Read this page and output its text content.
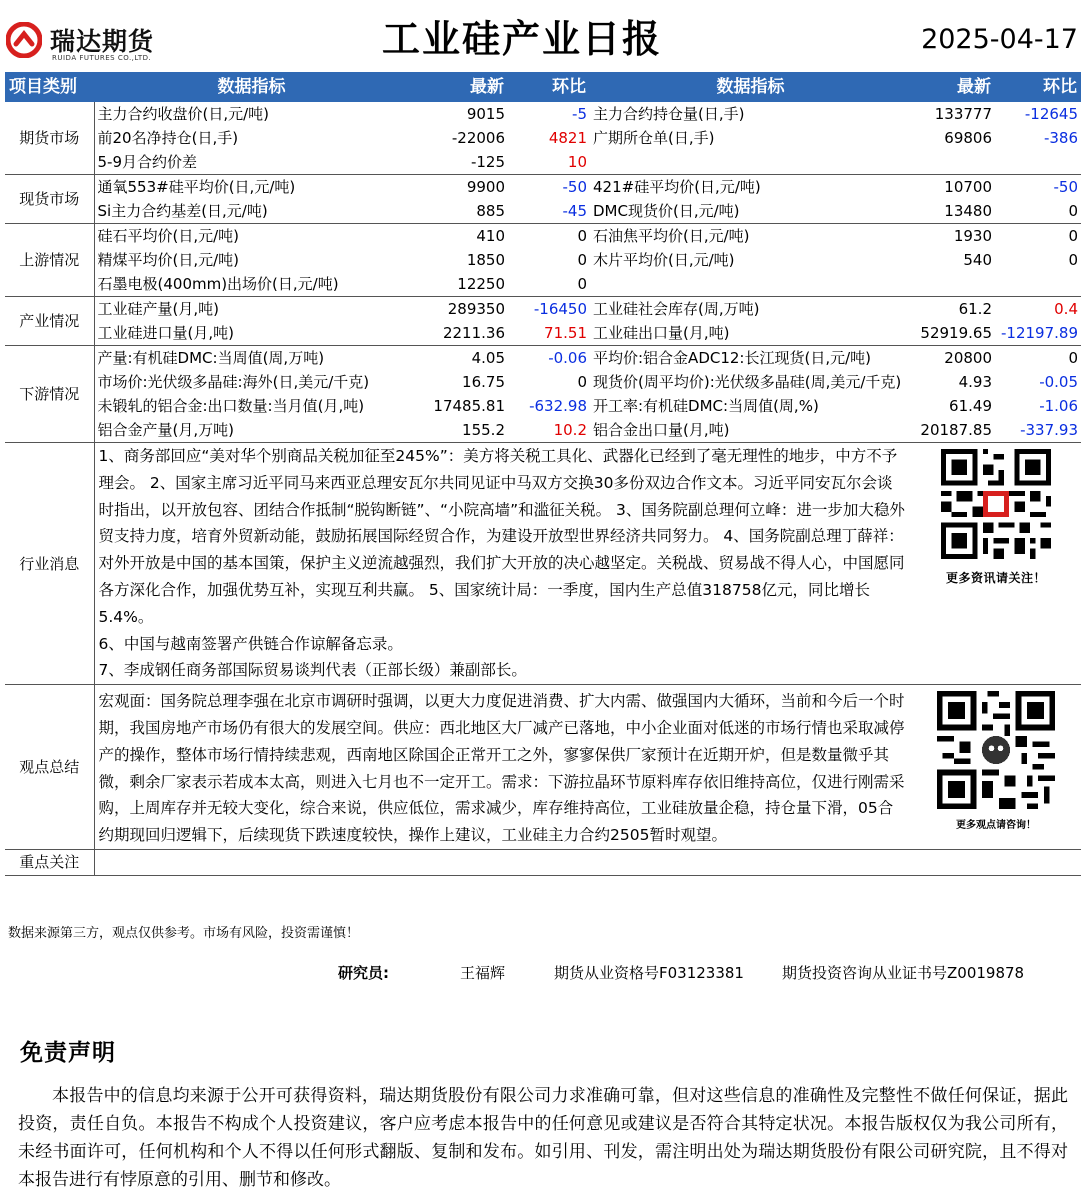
瑞达期货
RUIDA FUTURES CO.,LTD.	工业硅产业日报	2025-04-17
项目类别	数据指标	最新	环比	数据指标	最新	环比
期货市场	主力合约收盘价(日,元/吨)	9015	-5	主力合约持仓量(日,手)	133777	-12645
	前20名净持仓(日,手)	-22006	4821	广期所仓单(日,手)	69806	-386
	5-9月合约价差	-125	10			
现货市场	通氧553#硅平均价(日,元/吨)	9900	-50	421#硅平均价(日,元/吨)	10700	-50
	Si主力合约基差(日,元/吨)	885	-45	DMC现货价(日,元/吨)	13480	0
上游情况	硅石平均价(日,元/吨)	410	0	石油焦平均价(日,元/吨)	1930	0
	精煤平均价(日,元/吨)	1850	0	木片平均价(日,元/吨)	540	0
	石墨电极(400mm)出场价(日,元/吨)	12250	0			
产业情况	工业硅产量(月,吨)	289350	-16450	工业硅社会库存(周,万吨)	61.2	0.4
	工业硅进口量(月,吨)	2211.36	71.51	工业硅出口量(月,吨)	52919.65	-12197.89
下游情况	产量:有机硅DMC:当周值(周,万吨)	4.05	-0.06	平均价:铝合金ADC12:长江现货(日,元/吨)	20800	0
	市场价:光伏级多晶硅:海外(日,美元/千克)	16.75	0	现货价(周平均价):光伏级多晶硅(周,美元/千克)	4.93	-0.05
	未锻轧的铝合金:出口数量:当月值(月,吨)	17485.81	-632.98	开工率:有机硅DMC:当周值(周,%)	61.49	-1.06
	铝合金产量(月,万吨)	155.2	10.2	铝合金出口量(月,吨)	20187.85	-337.93
行业消息	1、商务部回应“美对华个别商品关税加征至245%”：美方将关税工具化、武器化已经到了毫无理性的地步，中方不予理会。 2、国家主席习近平同马来西亚总理安瓦尔共同见证中马双方交换30多份双边合作文本。习近平同安瓦尔会谈时指出，以开放包容、团结合作抵制“脱钩断链”、“小院高墙”和滥征关税。 3、国务院副总理何立峰：进一步加大稳外贸支持力度，培育外贸新动能，鼓励拓展国际经贸合作，为建设开放型世界经济共同努力。 4、国务院副总理丁薛祥：对外开放是中国的基本国策，保护主义逆流越强烈，我们扩大开放的决心越坚定。关税战、贸易战不得人心，中国愿同各方深化合作，加强优势互补，实现互利共赢。 5、国家统计局：一季度，国内生产总值318758亿元，同比增长5.4%。
6、中国与越南签署产供链合作谅解备忘录。
7、李成钢任商务部国际贸易谈判代表（正部长级）兼副部长。				更多资讯请关注！	

观点总结	宏观面：国务院总理李强在北京市调研时强调，以更大力度促进消费、扩大内需、做强国内大循环，当前和今后一个时期，我国房地产市场仍有很大的发展空间。供应：西北地区大厂减产已落地，中小企业面对低迷的市场行情也采取减停产的操作，整体市场行情持续悲观，西南地区除国企正常开工之外，寥寥保供厂家预计在近期开炉，但是数量微乎其微，剩余厂家表示若成本太高，则进入七月也不一定开工。需求：下游拉晶环节原料库存依旧维持高位，仅进行刚需采购，上周库存并无较大变化，综合来说，供应低位，需求减少，库存维持高位，工业硅放量企稳，持仓量下滑，05合约期现回归逻辑下，后续现货下跌速度较快，操作上建议，工业硅主力合约2505暂时观望。				更多观点请咨询！	

重点关注						
数据来源第三方，观点仅供参考。市场有风险，投资需谨慎！
研究员:	王福辉	期货从业资格号F03123381	期货投资咨询从业证书号Z0019878
免责声明
本报告中的信息均来源于公开可获得资料，瑞达期货股份有限公司力求准确可靠，但对这些信息的准确性及完整性不做任何保证，据此投资，责任自负。本报告不构成个人投资建议，客户应考虑本报告中的任何意见或建议是否符合其特定状况。本报告版权仅为我公司所有，未经书面许可，任何机构和个人不得以任何形式翻版、复制和发布。如引用、刊发，需注明出处为瑞达期货股份有限公司研究院，且不得对本报告进行有悖原意的引用、删节和修改。
